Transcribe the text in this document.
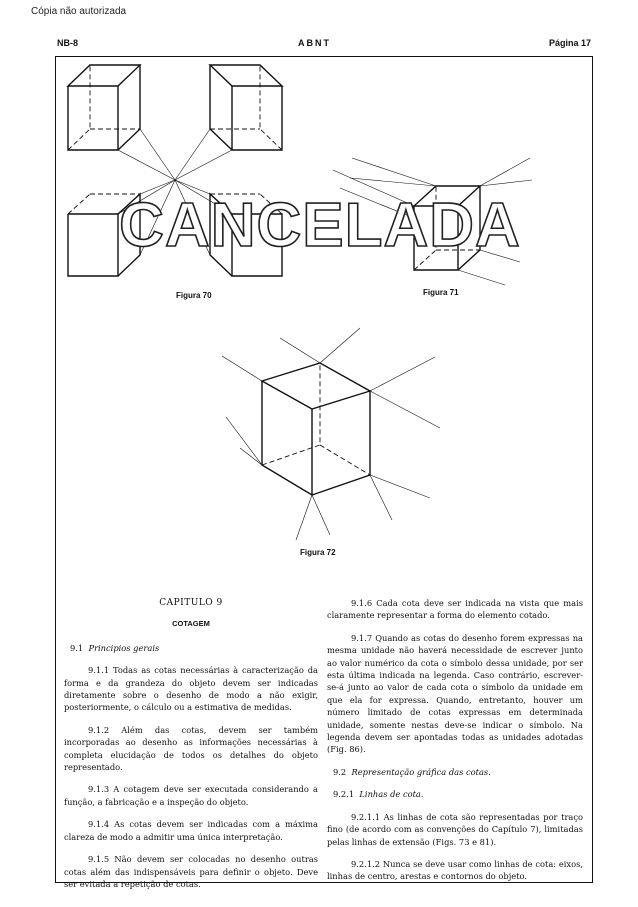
Cópia não autorizada
NB-8	ABNT	Página 17
CANCELADA
Figura 70	Figura 71
Figura 72

CAPITULO 9

COTAGEM

9.1 Principios gerais

9.1.1 Todas as cotas necessárias à caracterização da forma e da grandeza do objeto devem ser indicadas diretamente sobre o desenho de modo a não exigir, posteriormente, o cálculo ou a estimativa de medidas.

9.1.2 Além das cotas, devem ser também incorporadas ao desenho as informações necessárias à completa elucidação de todos os detalhes do objeto representado.

9.1.3 A cotagem deve ser executada considerando a função, a fabricação e a inspeção do objeto.

9.1.4 As cotas devem ser indicadas com a máxima clareza de modo a admitir uma única interpretação.

9.1.5 Não devem ser colocadas no desenho outras cotas além das indispensáveis para definir o objeto. Deve ser evitada a repetição de cotas.

9.1.6 Cada cota deve ser indicada na vista que mais claramente representar a forma do elemento cotado.

9.1.7 Quando as cotas do desenho forem expressas na mesma unidade não haverá necessidade de escrever junto ao valor numérico da cota o símbolo dessa unidade, por ser esta última indicada na legenda. Caso contrário, escrever-se-á junto ao valor de cada cota o símbolo da unidade em que ela for expressa. Quando, entretanto, houver um número limitado de cotas expressas em determinada unidade, somente nestas deve-se indicar o símbolo. Na legenda devem ser apontadas todas as unidades adotadas (Fig. 86).

9.2 Representação gráfica das cotas.

9.2.1 Linhas de cota.

9.2.1.1 As linhas de cota são representadas por traço fino (de acordo com as convenções do Capítulo 7), limitadas pelas linhas de extensão (Figs. 73 e 81).

9.2.1.2 Nunca se deve usar como linhas de cota: eixos, linhas de centro, arestas e contornos do objeto.
